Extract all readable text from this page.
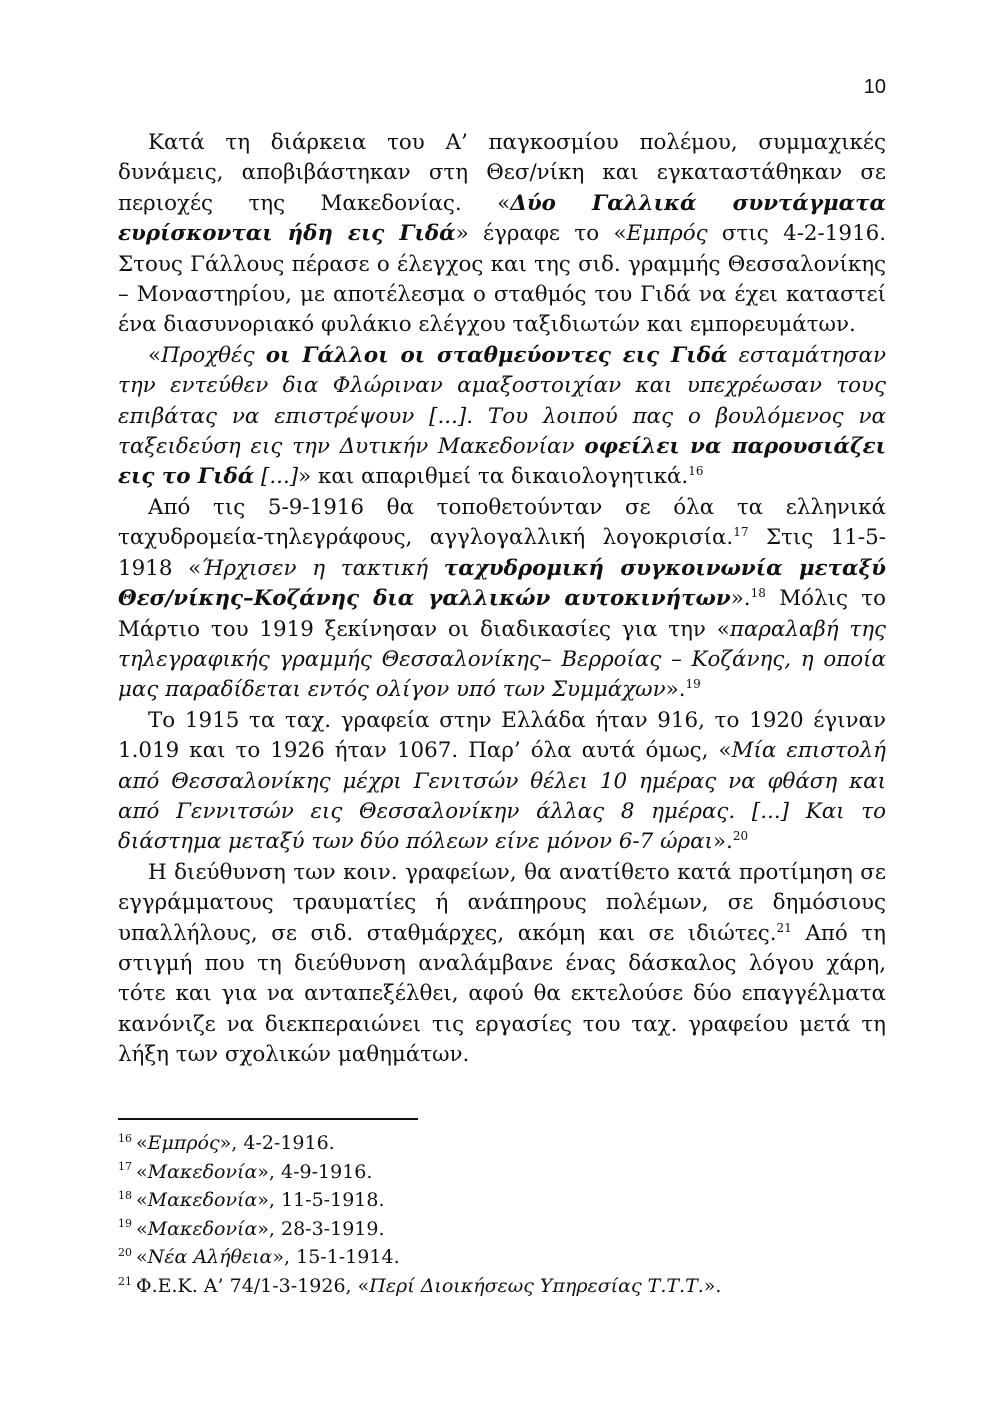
10

Κατά τη διάρκεια του Α’ παγκοσμίου πολέμου, συμμαχικές δυνάμεις, αποβιβάστηκαν στη Θεσ/νίκη και εγκαταστάθηκαν σε περιοχές της Μακεδονίας. «Δύο Γαλλικά συντάγματα ευρίσκονται ήδη εις Γιδά» έγραφε το «Εμπρός στις 4-2-1916. Στους Γάλλους πέρασε ο έλεγχος και της σιδ. γραμμής Θεσσαλονίκης – Μοναστηρίου, με αποτέλεσμα ο σταθμός του Γιδά να έχει καταστεί ένα διασυνοριακό φυλάκιο ελέγχου ταξιδιωτών και εμπορευμάτων.

«Προχθές οι Γάλλοι οι σταθμεύοντες εις Γιδά εσταμάτησαν την εντεύθεν δια Φλώριναν αμαξοστοιχίαν και υπεχρέωσαν τους επιβάτας να επιστρέψουν [...]. Του λοιπού πας ο βουλόμενος να ταξειδεύση εις την Δυτικήν Μακεδονίαν οφείλει να παρουσιάζει εις το Γιδά [...]» και απαριθμεί τα δικαιολογητικά.$^{16}$

Από τις 5-9-1916 θα τοποθετούνταν σε όλα τα ελληνικά ταχυδρομεία-τηλεγράφους, αγγλογαλλική λογοκρισία.$^{17}$ Στις 11-5-1918 «Ήρχισεν η τακτική ταχυδρομική συγκοινωνία μεταξύ Θεσ/νίκης–Κοζάνης δια γαλλικών αυτοκινήτων».$^{18}$ Μόλις το Μάρτιο του 1919 ξεκίνησαν οι διαδικασίες για την «παραλαβή της τηλεγραφικής γραμμής Θεσσαλονίκης– Βερροίας – Κοζάνης, η οποία μας παραδίδεται εντός ολίγον υπό των Συμμάχων».$^{19}$

Το 1915 τα ταχ. γραφεία στην Ελλάδα ήταν 916, το 1920 έγιναν 1.019 και το 1926 ήταν 1067. Παρ’ όλα αυτά όμως, «Μία επιστολή από Θεσσαλονίκης μέχρι Γενιτσών θέλει 10 ημέρας να φθάση και από Γεννιτσών εις Θεσσαλονίκην άλλας 8 ημέρας. [...] Και το διάστημα μεταξύ των δύο πόλεων είνε μόνον 6-7 ώραι».$^{20}$

Η διεύθυνση των κοιν. γραφείων, θα ανατίθετο κατά προτίμηση σε εγγράμματους τραυματίες ή ανάπηρους πολέμων, σε δημόσιους υπαλλήλους, σε σιδ. σταθμάρχες, ακόμη και σε ιδιώτες.$^{21}$ Από τη στιγμή που τη διεύθυνση αναλάμβανε ένας δάσκαλος λόγου χάρη, τότε και για να ανταπεξέλθει, αφού θα εκτελούσε δύο επαγγέλματα κανόνιζε να διεκπεραιώνει τις εργασίες του ταχ. γραφείου μετά τη λήξη των σχολικών μαθημάτων.

$^{16}$ «Εμπρός», 4-2-1916.

$^{17}$ «Μακεδονία», 4-9-1916.

$^{18}$ «Μακεδονία», 11-5-1918.

$^{19}$ «Μακεδονία», 28-3-1919.

$^{20}$ «Νέα Αλήθεια», 15-1-1914.

$^{21}$ Φ.Ε.Κ. Α’ 74/1-3-1926, «Περί Διοικήσεως Υπηρεσίας Τ.Τ.Τ.».
